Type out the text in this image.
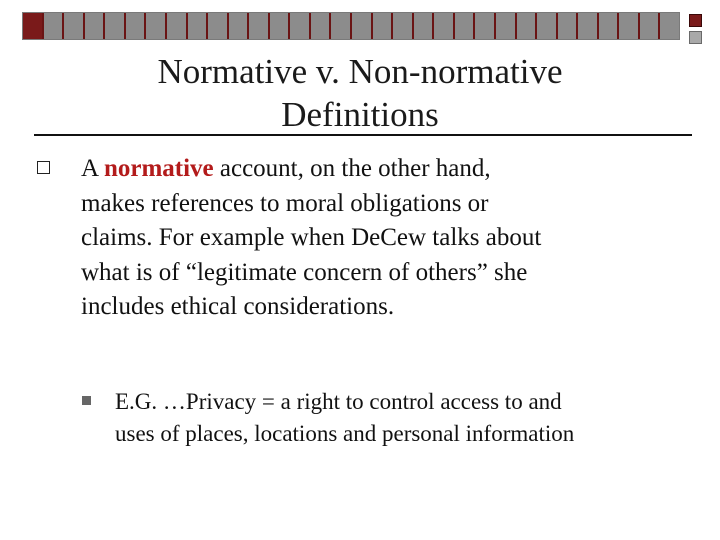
Normative v. Non-normative
Definitions
A normative account, on the other hand,
makes references to moral obligations or
claims. For example when DeCew talks about
what is of “legitimate concern of others” she
includes ethical considerations.
E.G. …Privacy = a right to control access to and
uses of places, locations and personal information
